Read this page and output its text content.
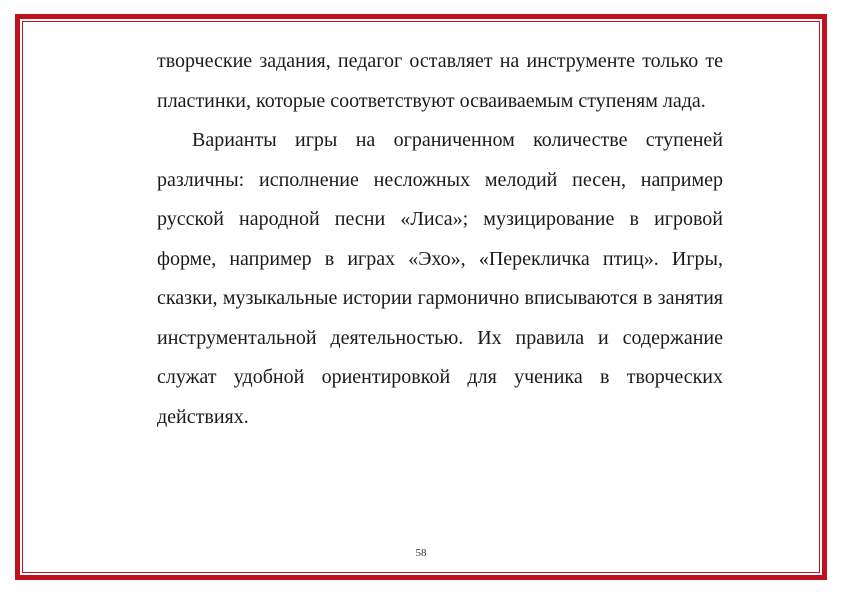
творческие задания, педагог оставляет на инструменте только те пластинки, которые соответствуют осваиваемым ступеням лада.

Варианты игры на ограниченном количестве ступеней различны: исполнение несложных мелодий песен, например русской народной песни «Лиса»; музицирование в игровой форме, например в играх «Эхо», «Перекличка птиц». Игры, сказки, музыкальные истории гармонично вписываются в занятия инструментальной деятельностью. Их правила и содержание служат удобной ориентировкой для ученика в творческих действиях.

58
